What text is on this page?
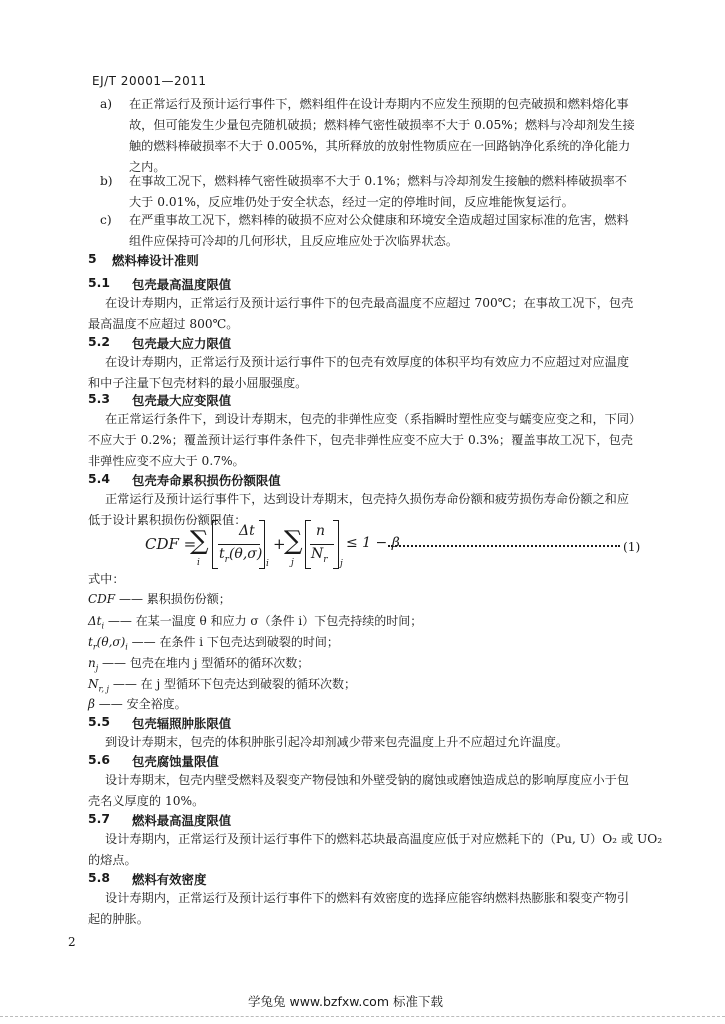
EJ/T 20001—2011
a) 在正常运行及预计运行事件下，燃料组件在设计寿期内不应发生预期的包壳破损和燃料熔化事
故，但可能发生少量包壳随机破损；燃料棒气密性破损率不大于 0.05%；燃料与冷却剂发生接
触的燃料棒破损率不大于 0.005%，其所释放的放射性物质应在一回路钠净化系统的净化能力
之内。
b) 在事故工况下，燃料棒气密性破损率不大于 0.1%；燃料与冷却剂发生接触的燃料棒破损率不
大于 0.01%，反应堆仍处于安全状态，经过一定的停堆时间，反应堆能恢复运行。
c) 在严重事故工况下，燃料棒的破损不应对公众健康和环境安全造成超过国家标准的危害，燃料
组件应保持可冷却的几何形状，且反应堆应处于次临界状态。
5 燃料棒设计准则
5.1 包壳最高温度限值
在设计寿期内，正常运行及预计运行事件下的包壳最高温度不应超过 700℃；在事故工况下，包壳
最高温度不应超过 800℃。
5.2 包壳最大应力限值
在设计寿期内，正常运行及预计运行事件下的包壳有效厚度的体积平均有效应力不应超过对应温度
和中子注量下包壳材料的最小屈服强度。
5.3 包壳最大应变限值
在正常运行条件下，到设计寿期末，包壳的非弹性应变（系指瞬时塑性应变与蠕变应变之和，下同）
不应大于 0.2%；覆盖预计运行事件条件下，包壳非弹性应变不应大于 0.3%；覆盖事故工况下，包壳
非弹性应变不应大于 0.7%。
5.4 包壳寿命累积损伤份额限值
正常运行及预计运行事件下，达到设计寿期末，包壳持久损伤寿命份额和疲劳损伤寿命份额之和应
低于设计累积损伤份额限值：
CDF =
∑
i
Δt
$t_r(\theta,\sigma)$
i
+
∑
j
n
$N_r$ j
≤ 1 − β	(1)
式中：
CDF —— 累积损伤份额；
$\Delta t_i$ —— 在某一温度 θ 和应力 σ（条件 i）下包壳持续的时间；
$t_r(\theta,\sigma)_i$ —— 在条件 i 下包壳达到破裂的时间；
$n_j$ —— 包壳在堆内 j 型循环的循环次数；
$N_{r, j}$ —— 在 j 型循环下包壳达到破裂的循环次数；
β —— 安全裕度。
5.5 包壳辐照肿胀限值
到设计寿期末，包壳的体积肿胀引起冷却剂减少带来包壳温度上升不应超过允许温度。
5.6 包壳腐蚀量限值
设计寿期末，包壳内壁受燃料及裂变产物侵蚀和外壁受钠的腐蚀或磨蚀造成总的影响厚度应小于包
壳名义厚度的 10%。
5.7 燃料最高温度限值
设计寿期内，正常运行及预计运行事件下的燃料芯块最高温度应低于对应燃耗下的（Pu, U）O₂ 或 UO₂
的熔点。
5.8 燃料有效密度
设计寿期内，正常运行及预计运行事件下的燃料有效密度的选择应能容纳燃料热膨胀和裂变产物引
起的肿胀。
2
学兔兔 www.bzfxw.com 标准下载
